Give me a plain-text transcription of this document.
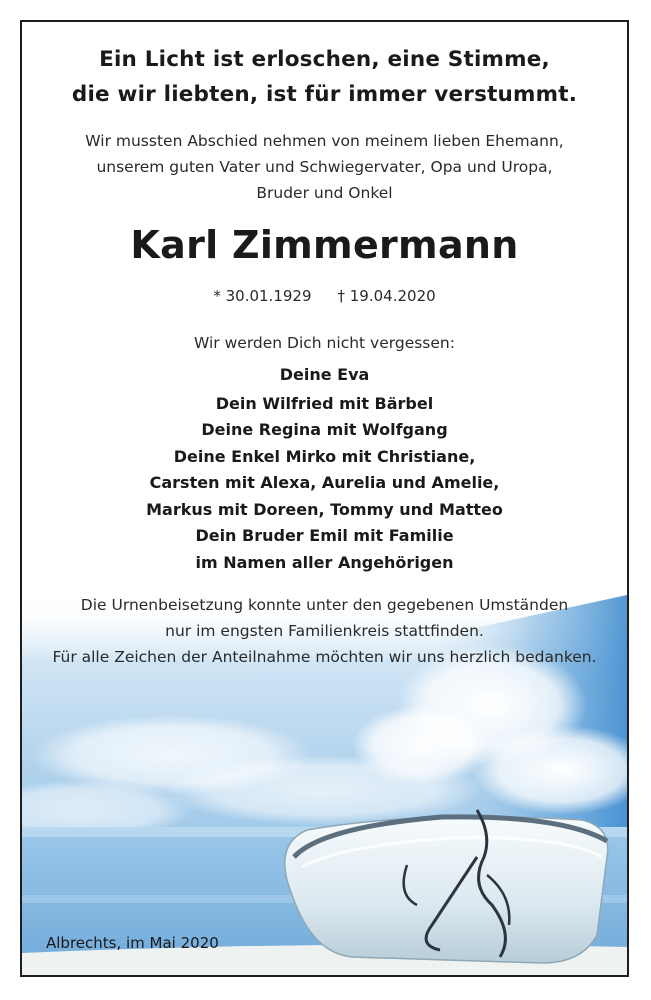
Ein Licht ist erloschen, eine Stimme,
die wir liebten, ist für immer verstummt.
Wir mussten Abschied nehmen von meinem lieben Ehemann,
unserem guten Vater und Schwiegervater, Opa und Uropa,
Bruder und Onkel
Karl Zimmermann
* 30.01.1929 † 19.04.2020
Wir werden Dich nicht vergessen:
Deine Eva
Dein Wilfried mit Bärbel
Deine Regina mit Wolfgang
Deine Enkel Mirko mit Christiane,
Carsten mit Alexa, Aurelia und Amelie,
Markus mit Doreen, Tommy und Matteo
Dein Bruder Emil mit Familie
im Namen aller Angehörigen
Die Urnenbeisetzung konnte unter den gegebenen Umständen
nur im engsten Familienkreis stattfinden.
Für alle Zeichen der Anteilnahme möchten wir uns herzlich bedanken.
Albrechts, im Mai 2020
